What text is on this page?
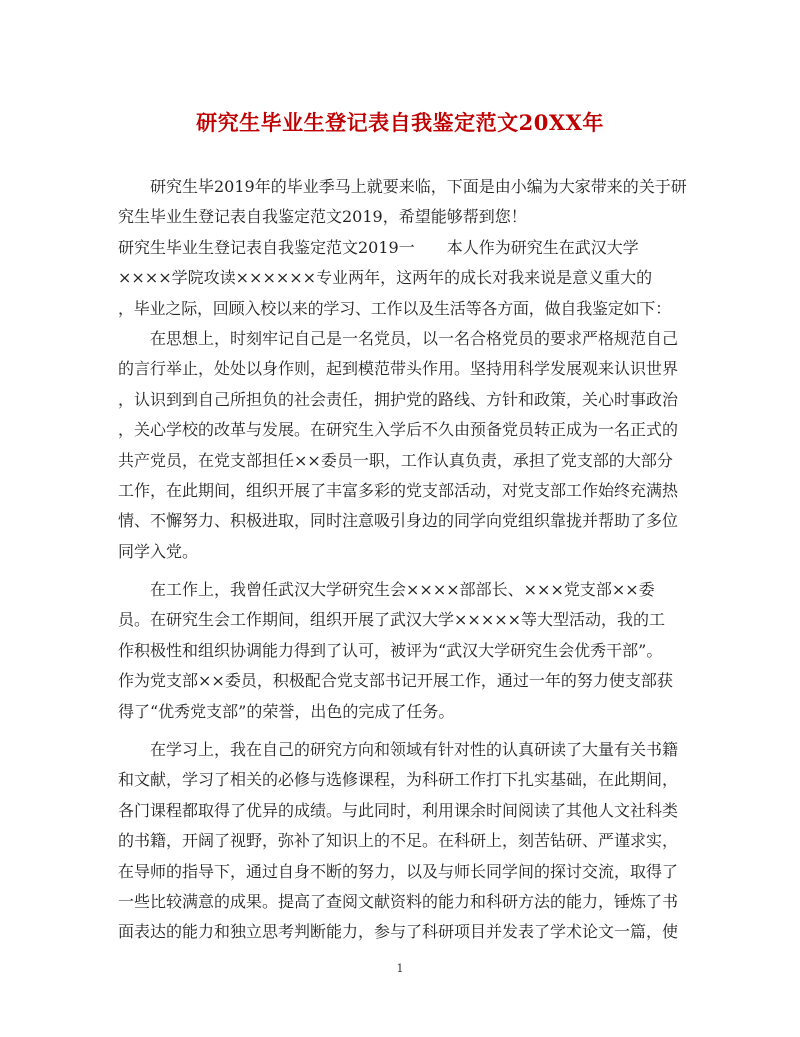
研究生毕业生登记表自我鉴定范文20XX年
研究生毕2019年的毕业季马上就要来临，下面是由小编为大家带来的关于研
究生毕业生登记表自我鉴定范文2019，希望能够帮到您！
研究生毕业生登记表自我鉴定范文2019一　　本人作为研究生在武汉大学
××××学院攻读××××××专业两年，这两年的成长对我来说是意义重大的
，毕业之际，回顾入校以来的学习、工作以及生活等各方面，做自我鉴定如下：
在思想上，时刻牢记自己是一名党员，以一名合格党员的要求严格规范自己
的言行举止，处处以身作则，起到模范带头作用。坚持用科学发展观来认识世界
，认识到到自己所担负的社会责任，拥护党的路线、方针和政策，关心时事政治
，关心学校的改革与发展。在研究生入学后不久由预备党员转正成为一名正式的
共产党员，在党支部担任××委员一职，工作认真负责，承担了党支部的大部分
工作，在此期间，组织开展了丰富多彩的党支部活动，对党支部工作始终充满热
情、不懈努力、积极进取，同时注意吸引身边的同学向党组织靠拢并帮助了多位
同学入党。
在工作上，我曾任武汉大学研究生会××××部部长、×××党支部××委
员。在研究生会工作期间，组织开展了武汉大学×××××等大型活动，我的工
作积极性和组织协调能力得到了认可，被评为“武汉大学研究生会优秀干部”。
作为党支部××委员，积极配合党支部书记开展工作，通过一年的努力使支部获
得了“优秀党支部”的荣誉，出色的完成了任务。
在学习上，我在自己的研究方向和领域有针对性的认真研读了大量有关书籍
和文献，学习了相关的必修与选修课程，为科研工作打下扎实基础，在此期间，
各门课程都取得了优异的成绩。与此同时，利用课余时间阅读了其他人文社科类
的书籍，开阔了视野，弥补了知识上的不足。在科研上，刻苦钻研、严谨求实，
在导师的指导下，通过自身不断的努力，以及与师长同学间的探讨交流，取得了
一些比较满意的成果。提高了查阅文献资料的能力和科研方法的能力，锤炼了书
面表达的能力和独立思考判断能力，参与了科研项目并发表了学术论文一篇，使
1
